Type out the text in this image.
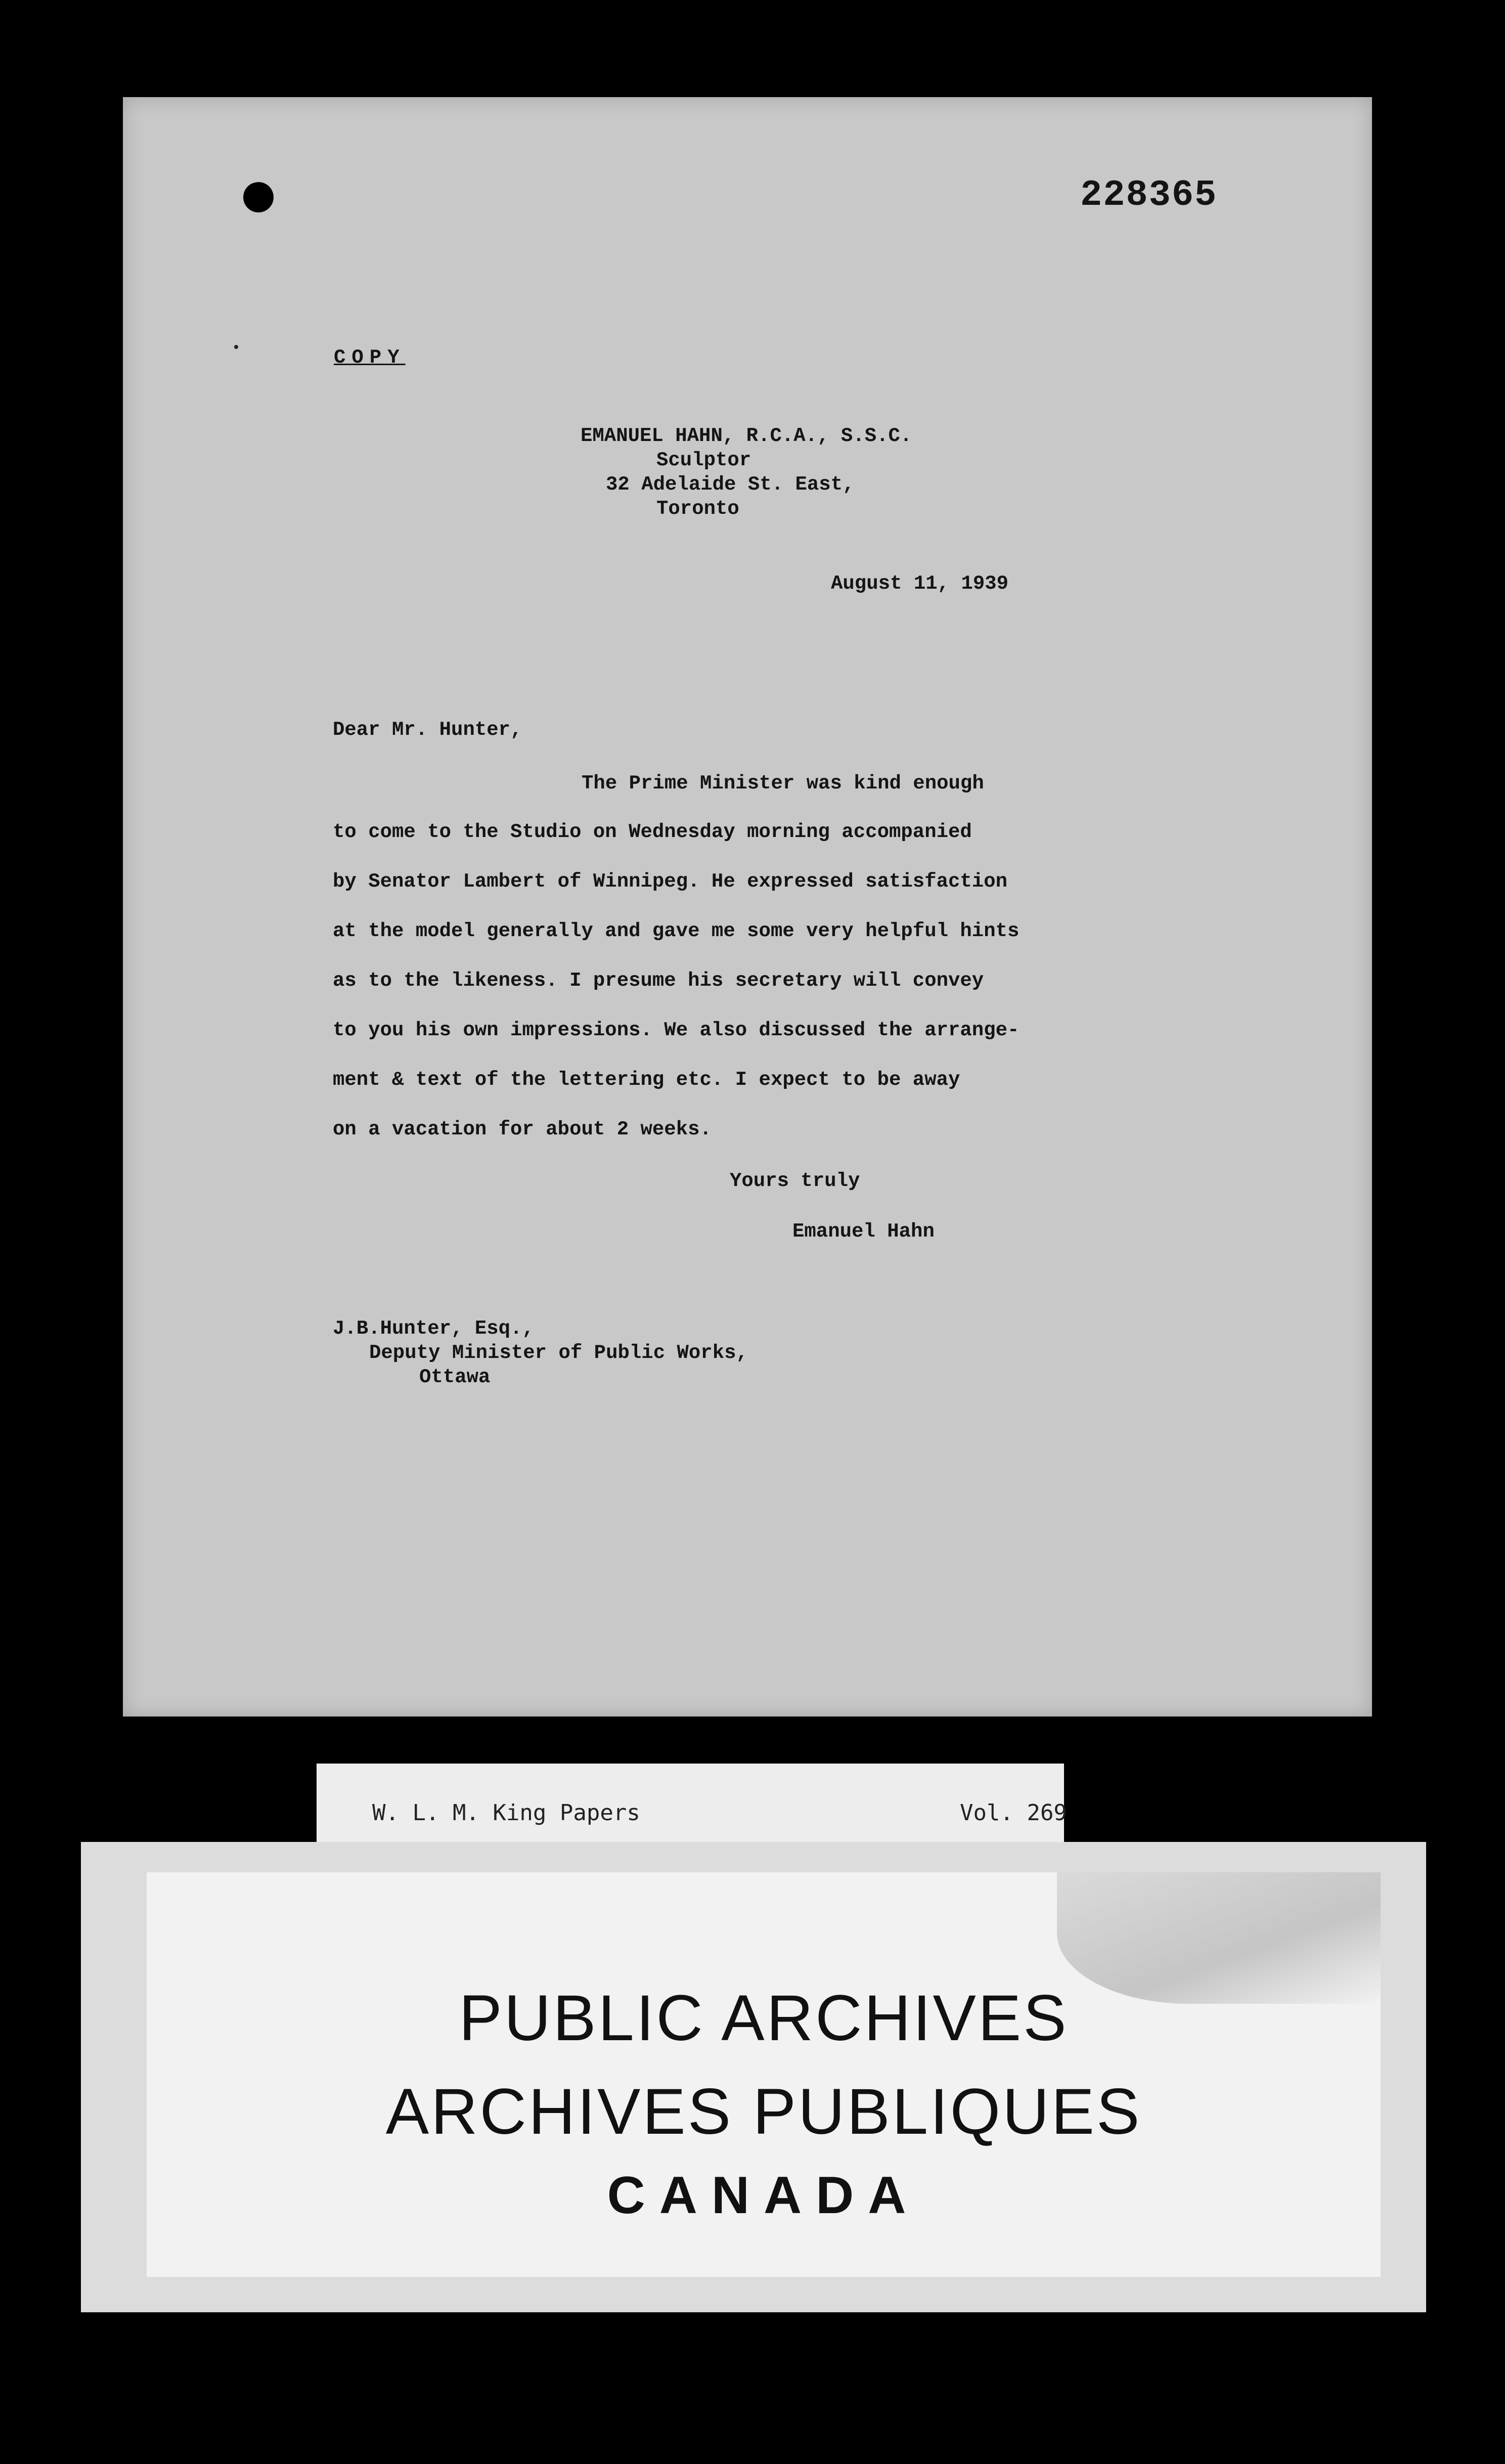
228365
COPY
EMANUEL HAHN, R.C.A., S.S.C.
Sculptor
32 Adelaide St. East,
Toronto
August 11, 1939
Dear Mr. Hunter,
The Prime Minister was kind enough
to come to the Studio on Wednesday morning accompanied
by Senator Lambert of Winnipeg. He expressed satisfaction
at the model generally and gave me some very helpful hints
as to the likeness. I presume his secretary will convey
to you his own impressions. We also discussed the arrange-
ment & text of the lettering etc. I expect to be away
on a vacation for about 2 weeks.
Yours truly
Emanuel Hahn
J.B.Hunter, Esq.,
Deputy Minister of Public Works,
Ottawa
W. L. M. King Papers	Vol. 269
PUBLIC ARCHIVES
ARCHIVES PUBLIQUES
CANADA
